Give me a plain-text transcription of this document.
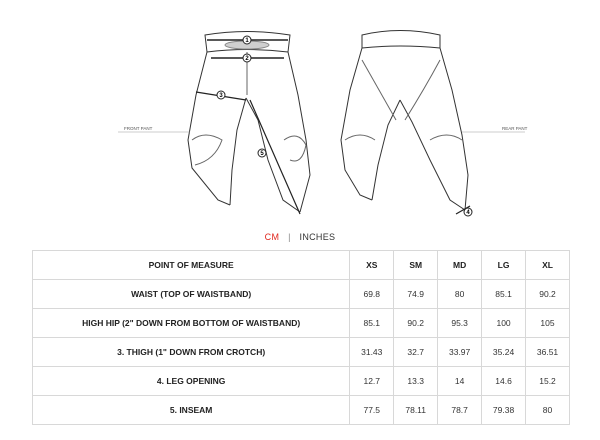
1
2
3
5
FRONT PANT
4
REAR PANT
CM | INCHES
POINT OF MEASURE	XS	SM	MD	LG	XL
WAIST (TOP OF WAISTBAND)	69.8	74.9	80	85.1	90.2
HIGH HIP (2" DOWN FROM BOTTOM OF WAISTBAND)	85.1	90.2	95.3	100	105
3. THIGH (1" DOWN FROM CROTCH)	31.43	32.7	33.97	35.24	36.51
4. LEG OPENING	12.7	13.3	14	14.6	15.2
5. INSEAM	77.5	78.11	78.7	79.38	80
